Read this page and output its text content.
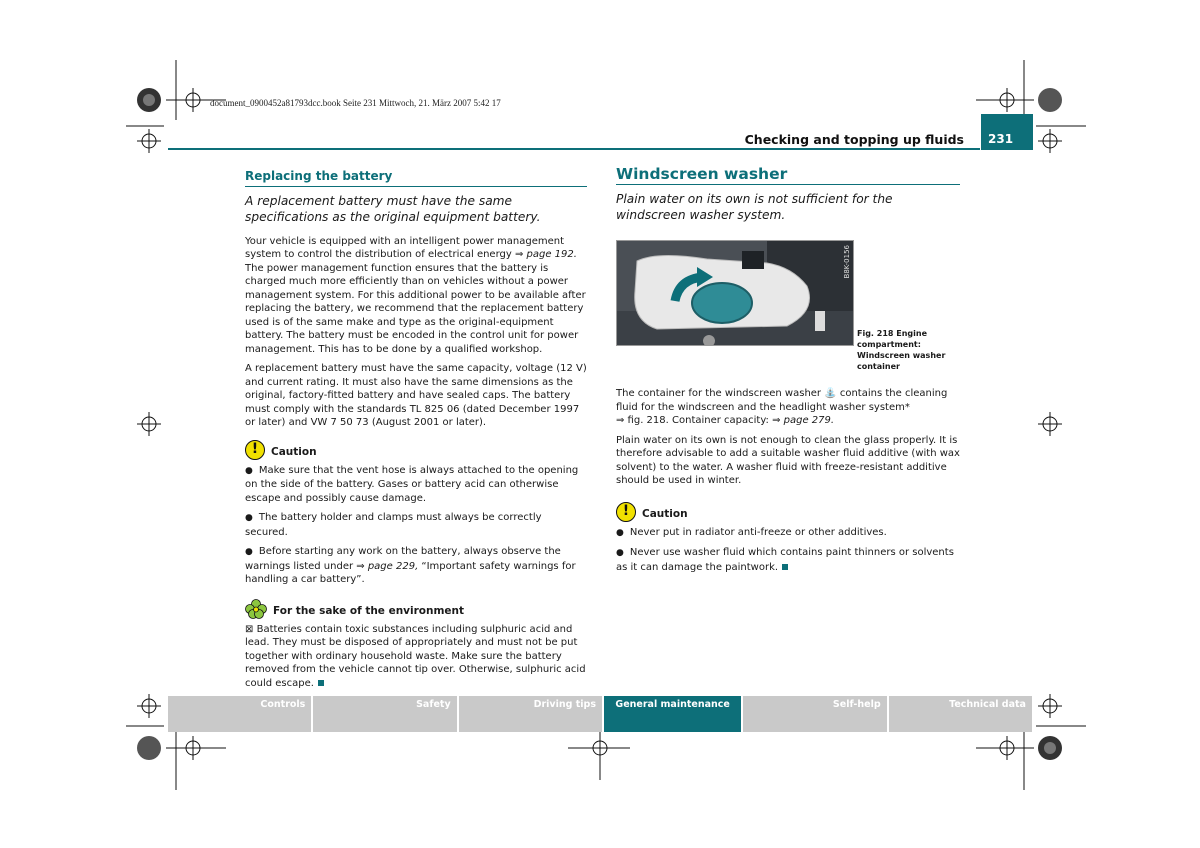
document_0900452a81793dcc.book Seite 231 Mittwoch, 21. März 2007 5:42 17
Checking and topping up fluids	231
Replacing the battery
A replacement battery must have the same specifications as the original equipment battery.

Your vehicle is equipped with an intelligent power management system to control the distribution of electrical energy ⇒ page 192. The power management function ensures that the battery is charged much more efficiently than on vehicles without a power management system. For this additional power to be available after replacing the battery, we recommend that the replacement battery used is of the same make and type as the original-equipment battery. The battery must be encoded in the control unit for power management. This has to be done by a qualified workshop.

A replacement battery must have the same capacity, voltage (12 V) and current rating. It must also have the same dimensions as the original, factory-fitted battery and have sealed caps. The battery must comply with the standards TL 825 06 (dated December 1997 or later) and VW 7 50 73 (August 2001 or later).

!	Caution

● Make sure that the vent hose is always attached to the opening on the side of the battery. Gases or battery acid can otherwise escape and possibly cause damage.

● The battery holder and clamps must always be correctly secured.

● Before starting any work on the battery, always observe the warnings listed under ⇒ page 229, “Important safety warnings for handling a car battery”.

For the sake of the environment

⊠ Batteries contain toxic substances including sulphuric acid and lead. They must be disposed of appropriately and must not be put together with ordinary household waste. Make sure the battery removed from the vehicle cannot tip over. Otherwise, sulphuric acid could escape.

Windscreen washer
Plain water on its own is not sufficient for the windscreen washer system.
B8K-0156
Fig. 218 Engine compartment: Windscreen washer container

The container for the windscreen washer ⛲ contains the cleaning fluid for the windscreen and the headlight washer system*
⇒ fig. 218. Container capacity: ⇒ page 279.

Plain water on its own is not enough to clean the glass properly. It is therefore advisable to add a suitable washer fluid additive (with wax solvent) to the water. A washer fluid with freeze-resistant additive should be used in winter.

!	Caution

● Never put in radiator anti-freeze or other additives.

● Never use washer fluid which contains paint thinners or solvents as it can damage the paintwork.

Controls	Safety	Driving tips	General maintenance	Self-help	Technical data
